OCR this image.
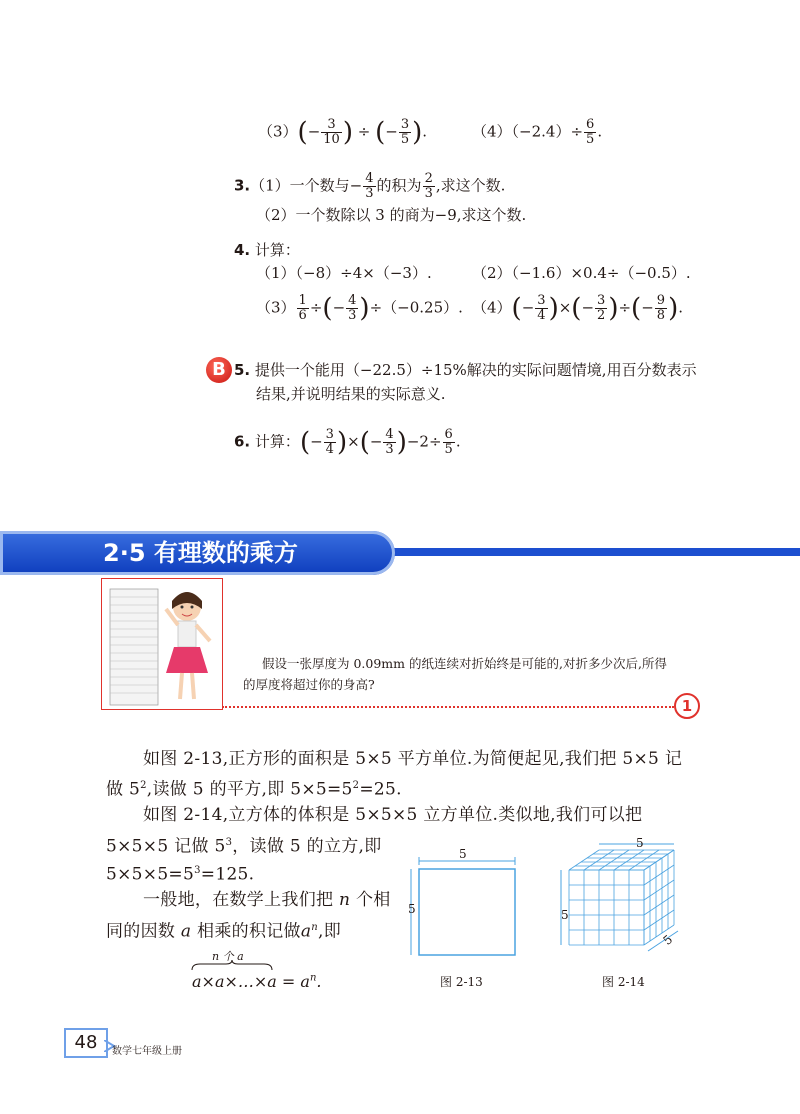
$(3)(- \frac{3}{10}$ ) ÷ (− $\frac{3}{5}$ ).	$(4)(-2.4)\div \frac{6}{5}$ .
3.（1）一个数与− $\frac{4}{3}$ 的积为 $\frac{2}{3}$ ,求这个数.
（2）一个数除以 3 的商为−9,求这个数.
4. 计算：
（1）（−8）÷4×（−3）.	（2）（−1.6）×0.4÷（−0.5）.
$(3) \frac{1}{6}$ ÷(− $\frac{4}{3} )\div(-0.25)$. $(4)(- \frac{3}{4}$ )×(− $\frac{3}{2}$ )÷(− $\frac{9}{8}$ ).
B 5. 提供一个能用（−22.5）÷15%解决的实际问题情境,用百分数表示
结果,并说明结果的实际意义.
6. 计算：(− $\frac{3}{4}$ )×(− $\frac{4}{3} )-2\div \frac{6}{5}$ .
2·5 有理数的乘方
假设一张厚度为 0.09mm 的纸连续对折始终是可能的,对折多少次后,所得
的厚度将超过你的身高?
1
如图 2-13,正方形的面积是 5×5 平方单位.为简便起见,我们把 5×5 记
做 $5^2$,读做 5 的平方,即 $5\times 5=5^2=25$.
如图 2-14,立方体的体积是 5×5×5 立方单位.类似地,我们可以把
5×5×5 记做 $5^3$，读做 5 的立方,即
$5\times 5\times 5=5^3=125$.
一般地，在数学上我们把 n 个相
同的因数 a 相乘的积记做$a^n$,即
n 个 a
a×a×…×a = $a^n$.
5
5
图 2-13
5
5
5
图 2-14
48	数学七年级上册
